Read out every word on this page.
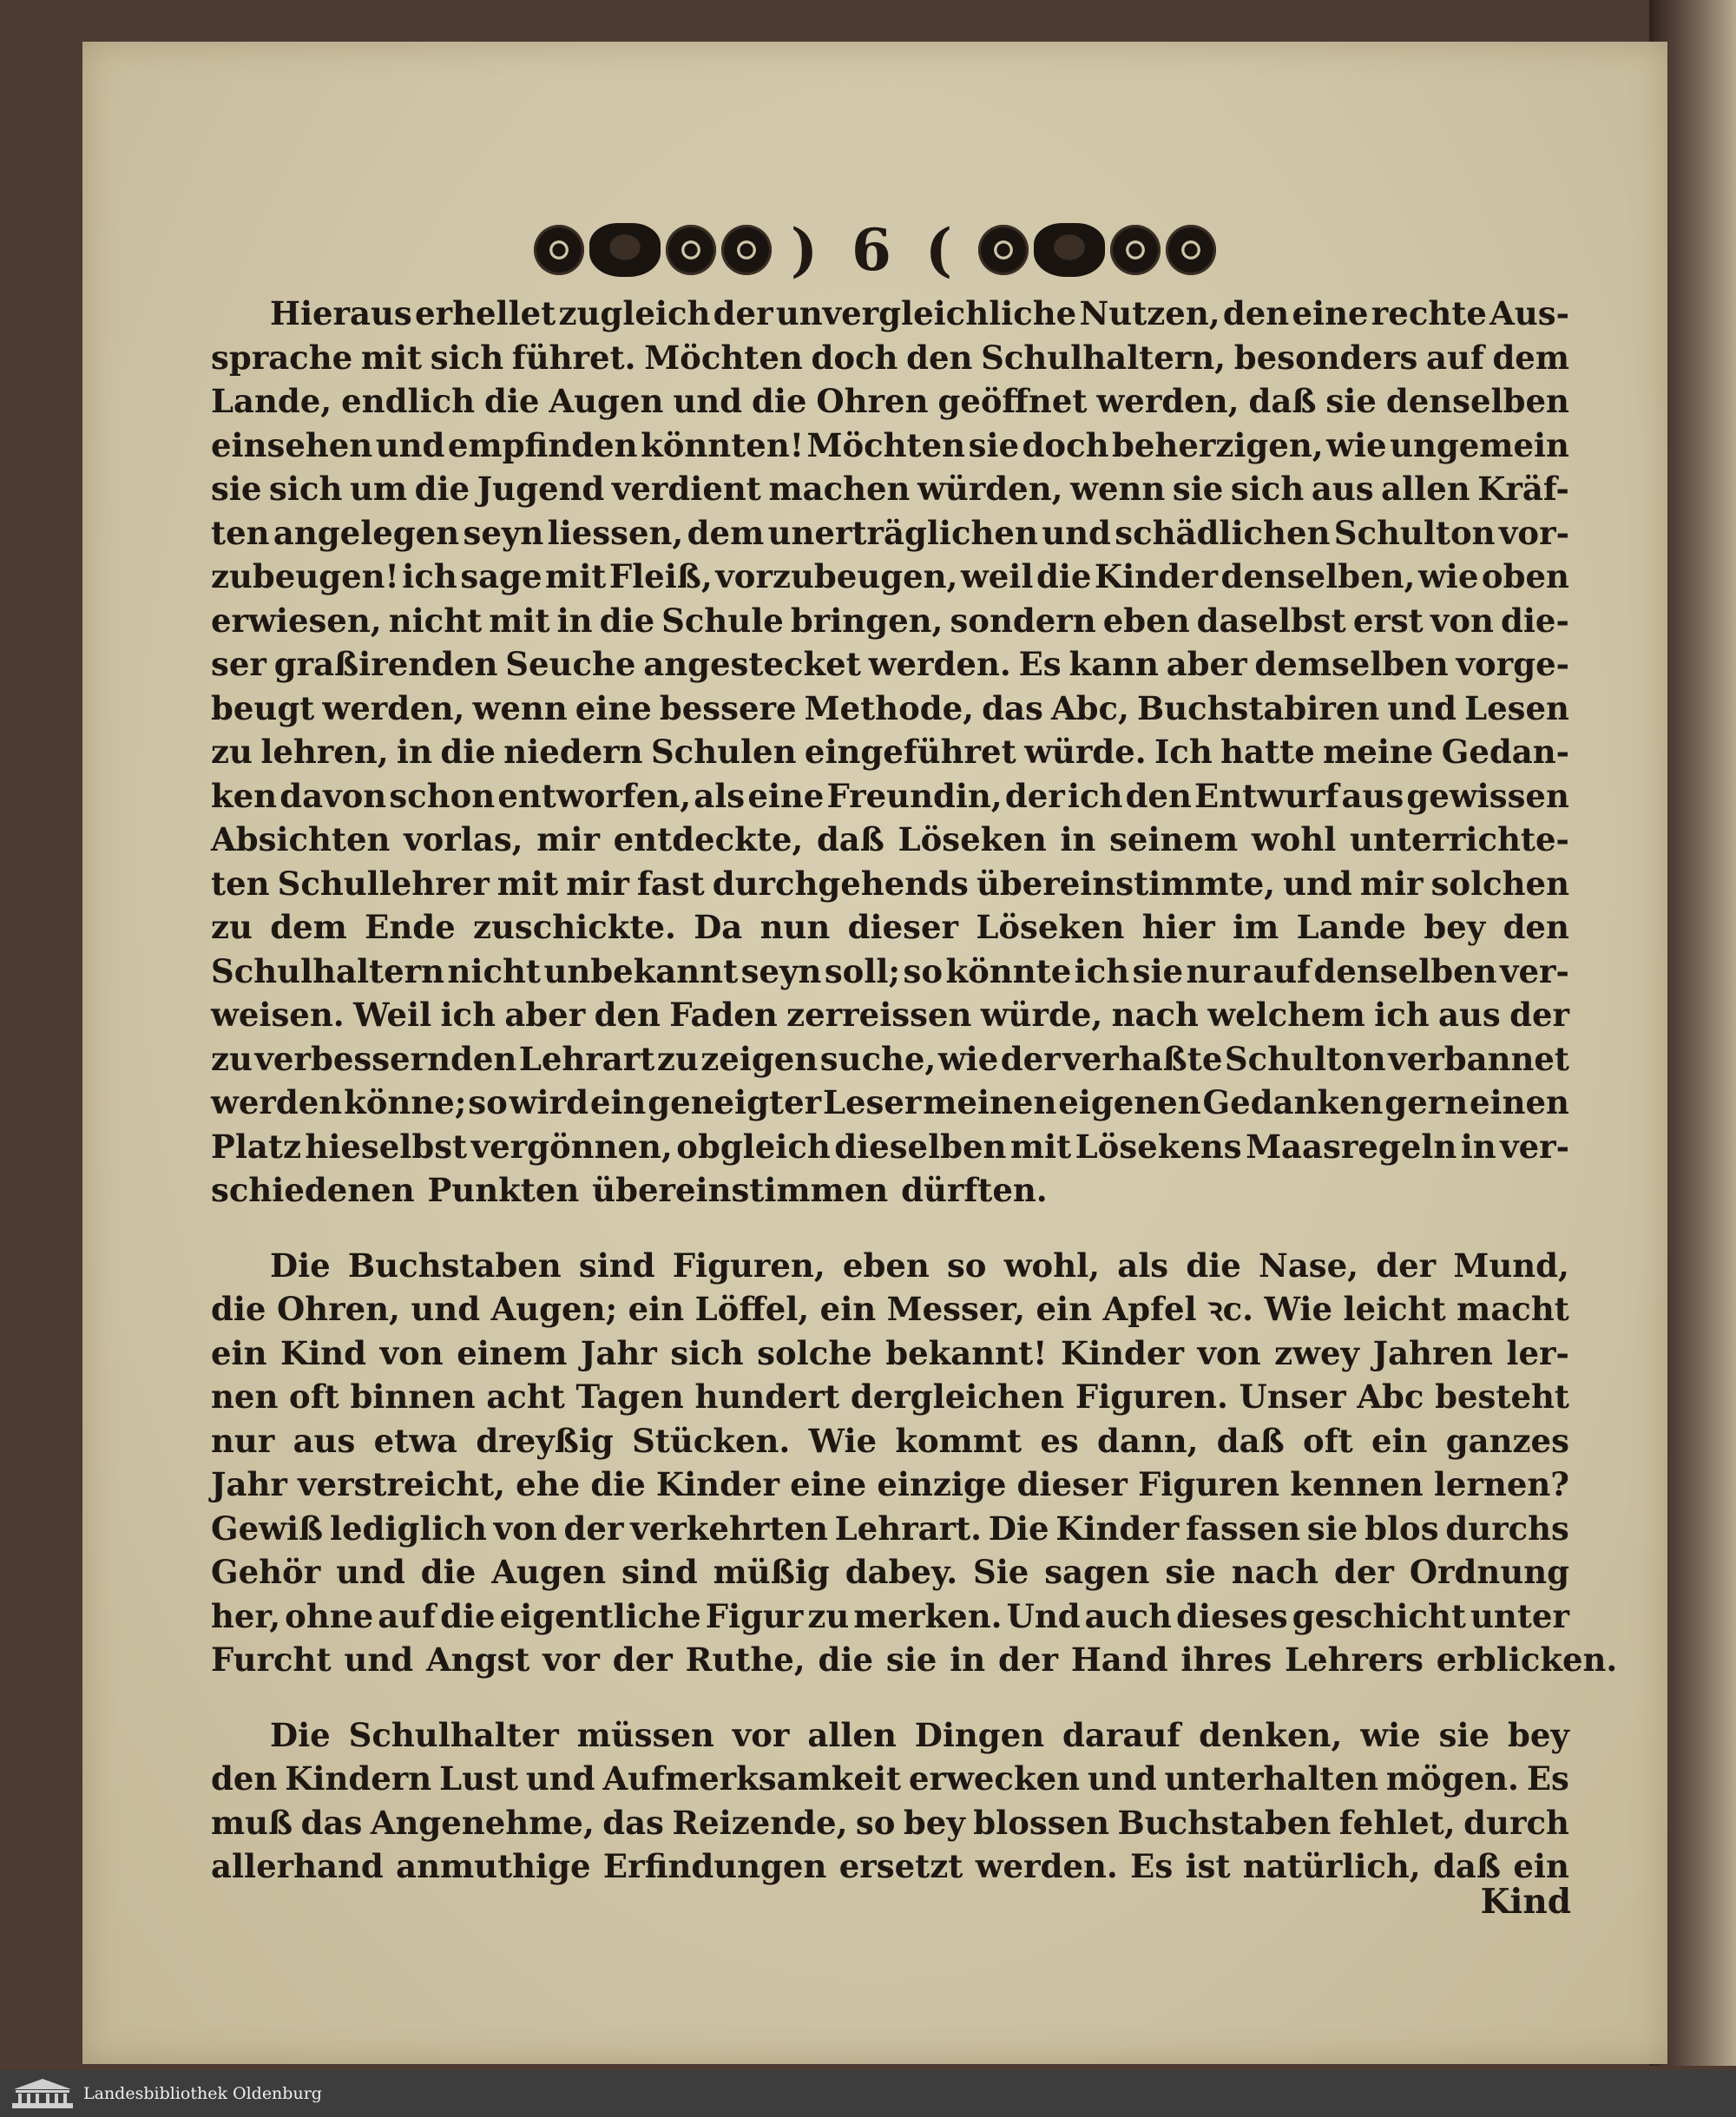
) 6 (
Hieraus erhellet zugleich der unvergleichliche Nutzen, den eine rechte Aus-
sprache mit sich führet. Möchten doch den Schulhaltern, besonders auf dem
Lande, endlich die Augen und die Ohren geöffnet werden, daß sie denselben
einsehen und empfinden könnten! Möchten sie doch beherzigen, wie ungemein
sie sich um die Jugend verdient machen würden, wenn sie sich aus allen Kräf-
ten angelegen seyn liessen, dem unerträglichen und schädlichen Schulton vor-
zubeugen! ich sage mit Fleiß, vorzubeugen, weil die Kinder denselben, wie oben
erwiesen, nicht mit in die Schule bringen, sondern eben daselbst erst von die-
ser graßirenden Seuche angestecket werden. Es kann aber demselben vorge-
beugt werden, wenn eine bessere Methode, das Abc, Buchstabiren und Lesen
zu lehren, in die niedern Schulen eingeführet würde. Ich hatte meine Gedan-
ken davon schon entworfen, als eine Freundin, der ich den Entwurf aus gewissen
Absichten vorlas, mir entdeckte, daß Löseken in seinem wohl unterrichte-
ten Schullehrer mit mir fast durchgehends übereinstimmte, und mir solchen
zu dem Ende zuschickte. Da nun dieser Löseken hier im Lande bey den
Schulhaltern nicht unbekannt seyn soll; so könnte ich sie nur auf denselben ver-
weisen. Weil ich aber den Faden zerreissen würde, nach welchem ich aus der
zu verbessernden Lehrart zu zeigen suche, wie der verhaßte Schulton verbannet
werden könne; so wird ein geneigter Leser meinen eigenen Gedanken gern einen
Platz hieselbst vergönnen, obgleich dieselben mit Lösekens Maasregeln in ver-
schiedenen Punkten übereinstimmen dürften.
Die Buchstaben sind Figuren, eben so wohl, als die Nase, der Mund,
die Ohren, und Augen; ein Löffel, ein Messer, ein Apfel ꝛc. Wie leicht macht
ein Kind von einem Jahr sich solche bekannt! Kinder von zwey Jahren ler-
nen oft binnen acht Tagen hundert dergleichen Figuren. Unser Abc besteht
nur aus etwa dreyßig Stücken. Wie kommt es dann, daß oft ein ganzes
Jahr verstreicht, ehe die Kinder eine einzige dieser Figuren kennen lernen?
Gewiß lediglich von der verkehrten Lehrart. Die Kinder fassen sie blos durchs
Gehör und die Augen sind müßig dabey. Sie sagen sie nach der Ordnung
her, ohne auf die eigentliche Figur zu merken. Und auch dieses geschicht unter
Furcht und Angst vor der Ruthe, die sie in der Hand ihres Lehrers erblicken.
Die Schulhalter müssen vor allen Dingen darauf denken, wie sie bey
den Kindern Lust und Aufmerksamkeit erwecken und unterhalten mögen. Es
muß das Angenehme, das Reizende, so bey blossen Buchstaben fehlet, durch
allerhand anmuthige Erfindungen ersetzt werden. Es ist natürlich, daß ein
Kind
Landesbibliothek Oldenburg
